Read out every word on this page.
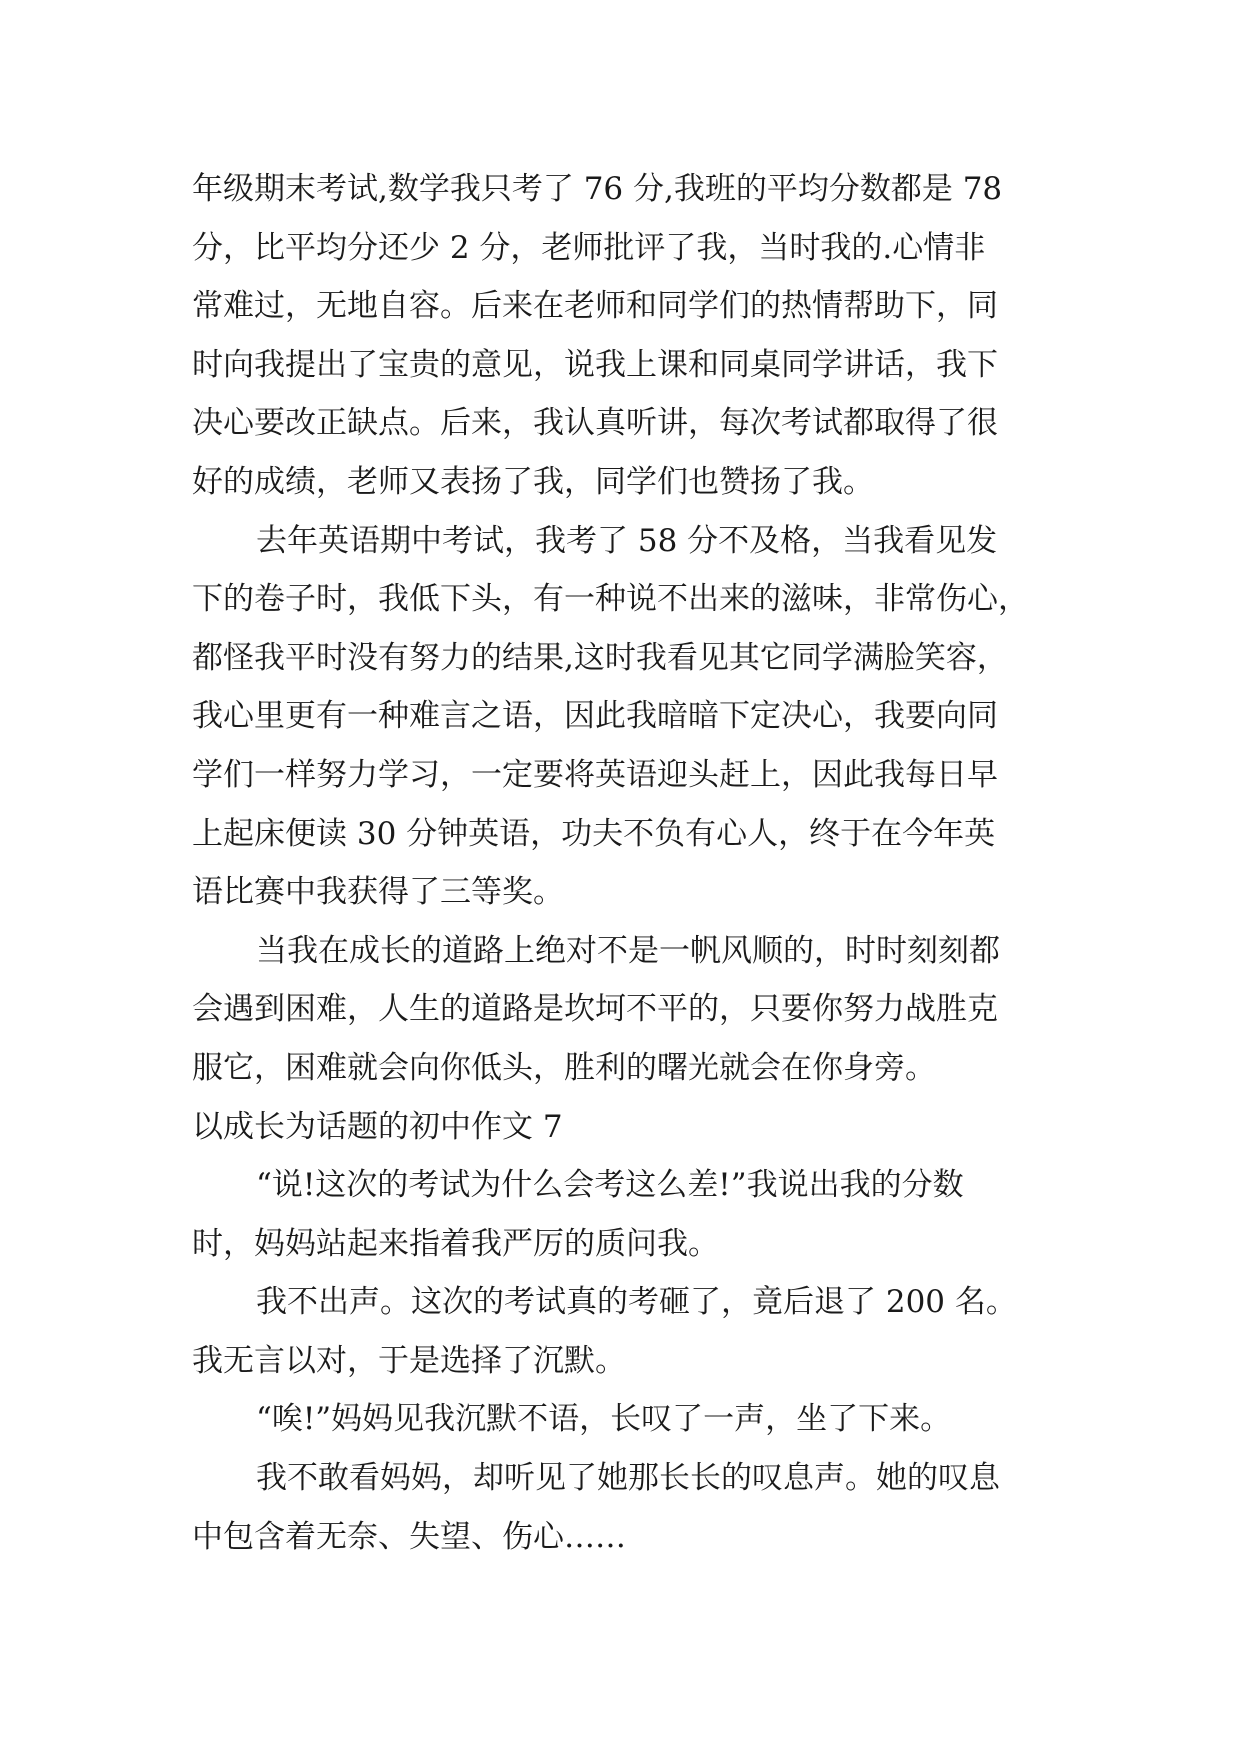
年级期末考试,数学我只考了 76 分,我班的平均分数都是 78
分，比平均分还少 2 分，老师批评了我，当时我的.心情非
常难过，无地自容。后来在老师和同学们的热情帮助下，同
时向我提出了宝贵的意见，说我上课和同桌同学讲话，我下
决心要改正缺点。后来，我认真听讲，每次考试都取得了很
好的成绩，老师又表扬了我，同学们也赞扬了我。
去年英语期中考试，我考了 58 分不及格，当我看见发
下的卷子时，我低下头，有一种说不出来的滋味，非常伤心，
都怪我平时没有努力的结果,这时我看见其它同学满脸笑容，
我心里更有一种难言之语，因此我暗暗下定决心，我要向同
学们一样努力学习，一定要将英语迎头赶上，因此我每日早
上起床便读 30 分钟英语，功夫不负有心人，终于在今年英
语比赛中我获得了三等奖。
当我在成长的道路上绝对不是一帆风顺的，时时刻刻都
会遇到困难，人生的道路是坎坷不平的，只要你努力战胜克
服它，困难就会向你低头，胜利的曙光就会在你身旁。
以成长为话题的初中作文 7
“说!这次的考试为什么会考这么差!”我说出我的分数
时，妈妈站起来指着我严厉的质问我。
我不出声。这次的考试真的考砸了，竟后退了 200 名。
我无言以对，于是选择了沉默。
“唉!”妈妈见我沉默不语，长叹了一声，坐了下来。
我不敢看妈妈，却听见了她那长长的叹息声。她的叹息
中包含着无奈、失望、伤心……
